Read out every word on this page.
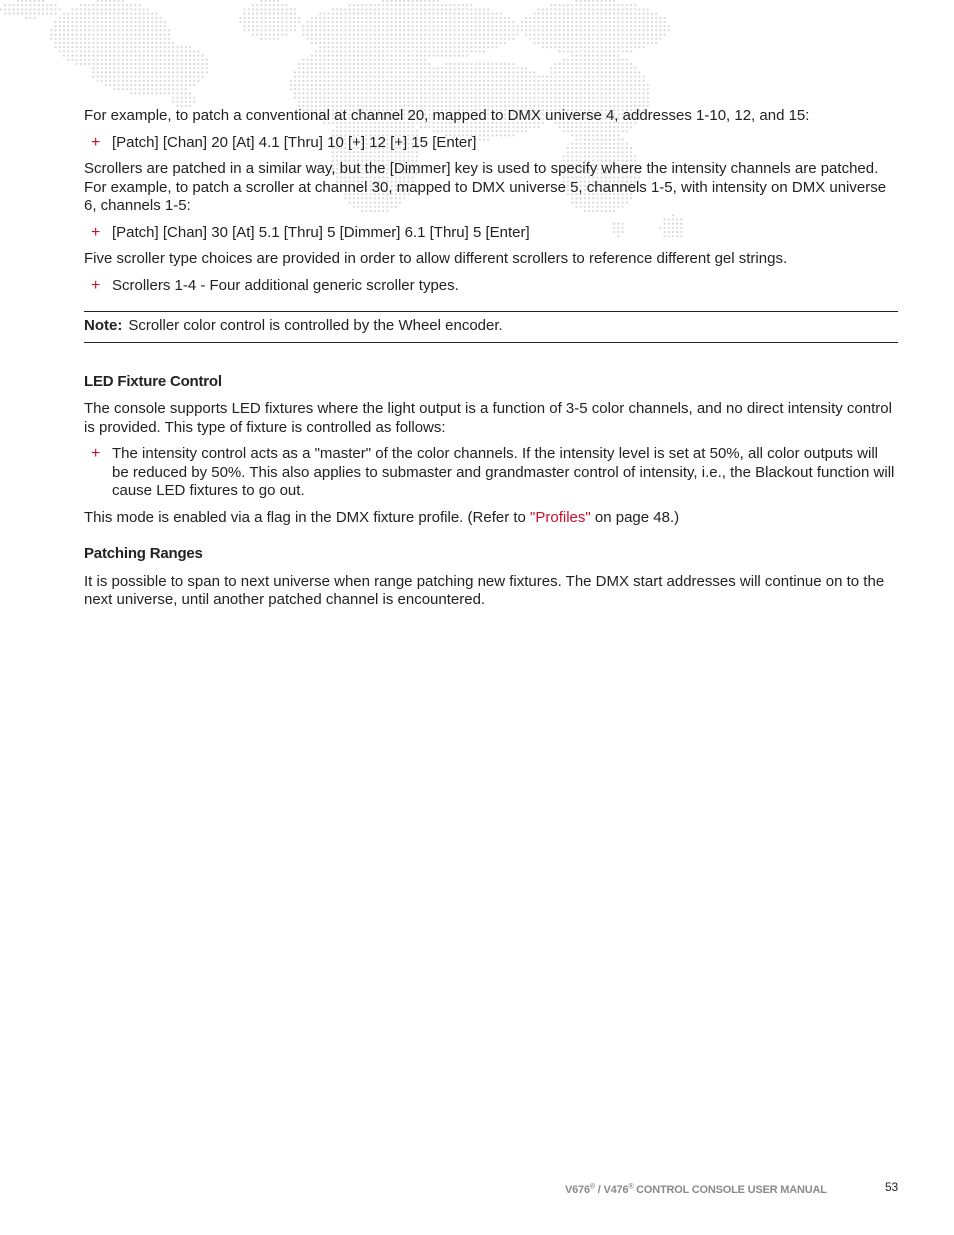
For example, to patch a conventional at channel 20, mapped to DMX universe 4, addresses 1-10, 12, and 15:

+ [Patch] [Chan] 20 [At] 4.1 [Thru] 10 [+] 12 [+] 15 [Enter]

Scrollers are patched in a similar way, but the [Dimmer] key is used to specify where the intensity channels are patched. For example, to patch a scroller at channel 30, mapped to DMX universe 5, channels 1-5, with intensity on DMX universe 6, channels 1-5:

+ [Patch] [Chan] 30 [At] 5.1 [Thru] 5 [Dimmer] 6.1 [Thru] 5 [Enter]

Five scroller type choices are provided in order to allow different scrollers to reference different gel strings.

+ Scrollers 1-4 - Four additional generic scroller types.
Note: Scroller color control is controlled by the Wheel encoder.
LED Fixture Control

The console supports LED fixtures where the light output is a function of 3-5 color channels, and no direct intensity control is provided. This type of fixture is controlled as follows:

+ The intensity control acts as a "master" of the color channels. If the intensity level is set at 50%, all color outputs will be reduced by 50%. This also applies to submaster and grandmaster control of intensity, i.e., the Blackout function will cause LED fixtures to go out.

This mode is enabled via a flag in the DMX fixture profile. (Refer to "Profiles" on page 48.)

Patching Ranges

It is possible to span to next universe when range patching new fixtures. The DMX start addresses will continue on to the next universe, until another patched channel is encountered.

V676® / V476® CONTROL CONSOLE USER MANUAL	53
